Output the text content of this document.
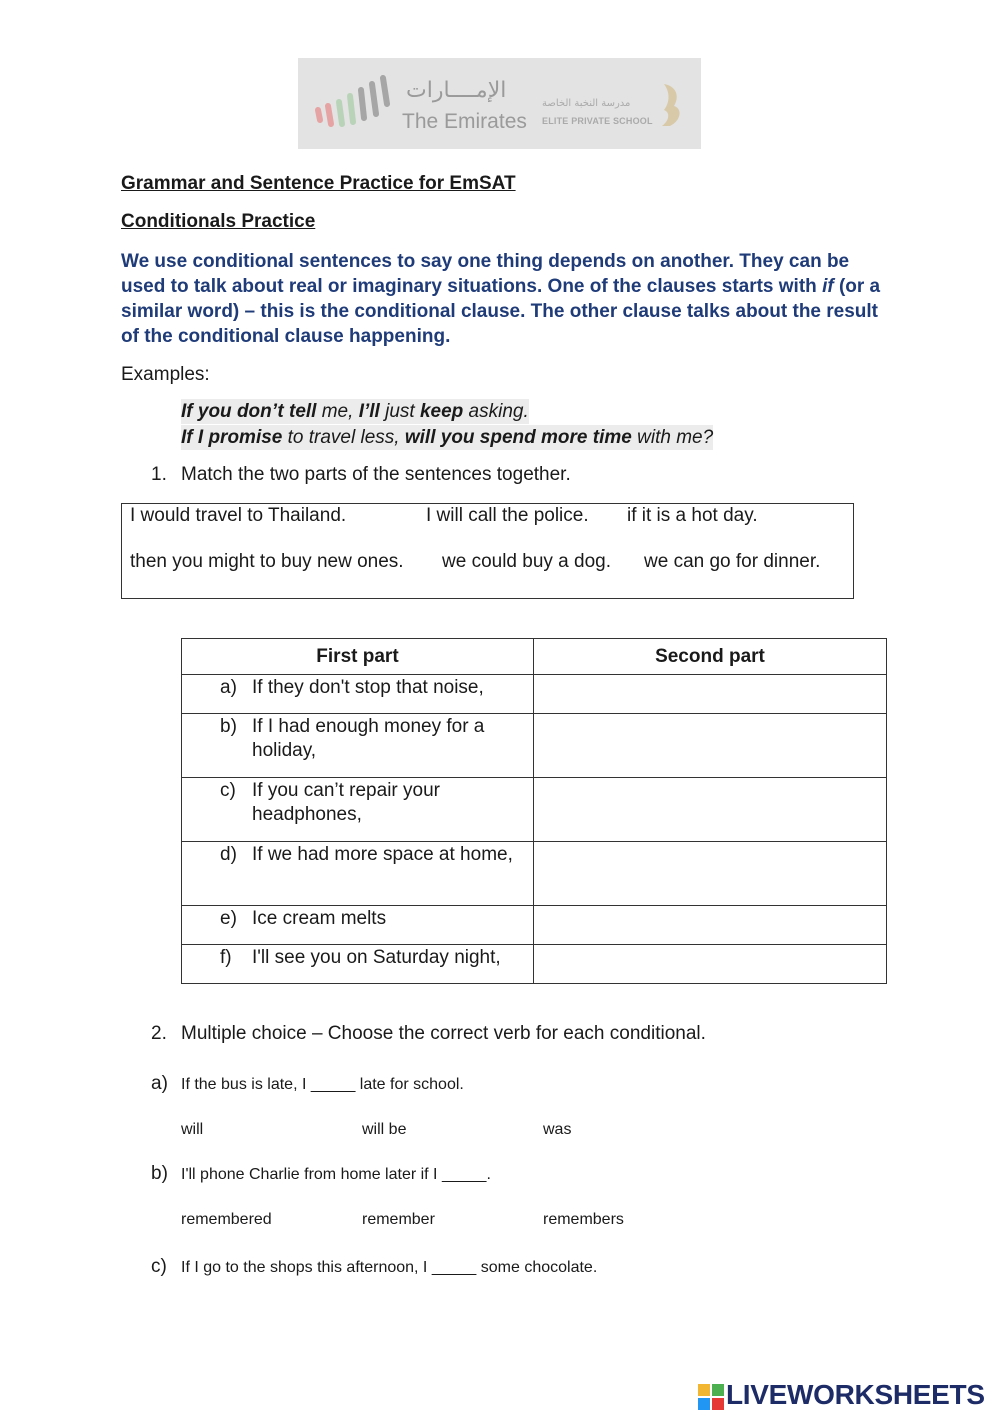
الإمــــارات
The Emirates
مدرسة النخبة الخاصة
ELITE PRIVATE SCHOOL
Grammar and Sentence Practice for EmSAT
Conditionals Practice
We use conditional sentences to say one thing depends on another. They can be used to talk about real or imaginary situations. One of the clauses starts with if (or a similar word) – this is the conditional clause. The other clause talks about the result of the conditional clause happening.
Examples:
If you don’t tell me, I’ll just keep asking.
If I promise to travel less, will you spend more time with me?
1. Match the two parts of the sentences together.
I would travel to Thailand.	I will call the police. if it is a hot day.
then you might to buy new ones. we could buy a dog. we can go for dinner.
First part	Second part

a) If they don't stop that noise,	

b) If I had enough money for a holiday,	

c) If you can’t repair your headphones,	

d) If we had more space at home,	

e) Ice cream melts	

f) I'll see you on Saturday night,	

2. Multiple choice – Choose the correct verb for each conditional.
a) If the bus is late, I _____ late for school.
will	will be	was
b) I'll phone Charlie from home later if I _____.
remembered	remember	remembers
c) If I go to the shops this afternoon, I _____ some chocolate.
LIVEWORKSHEETS
